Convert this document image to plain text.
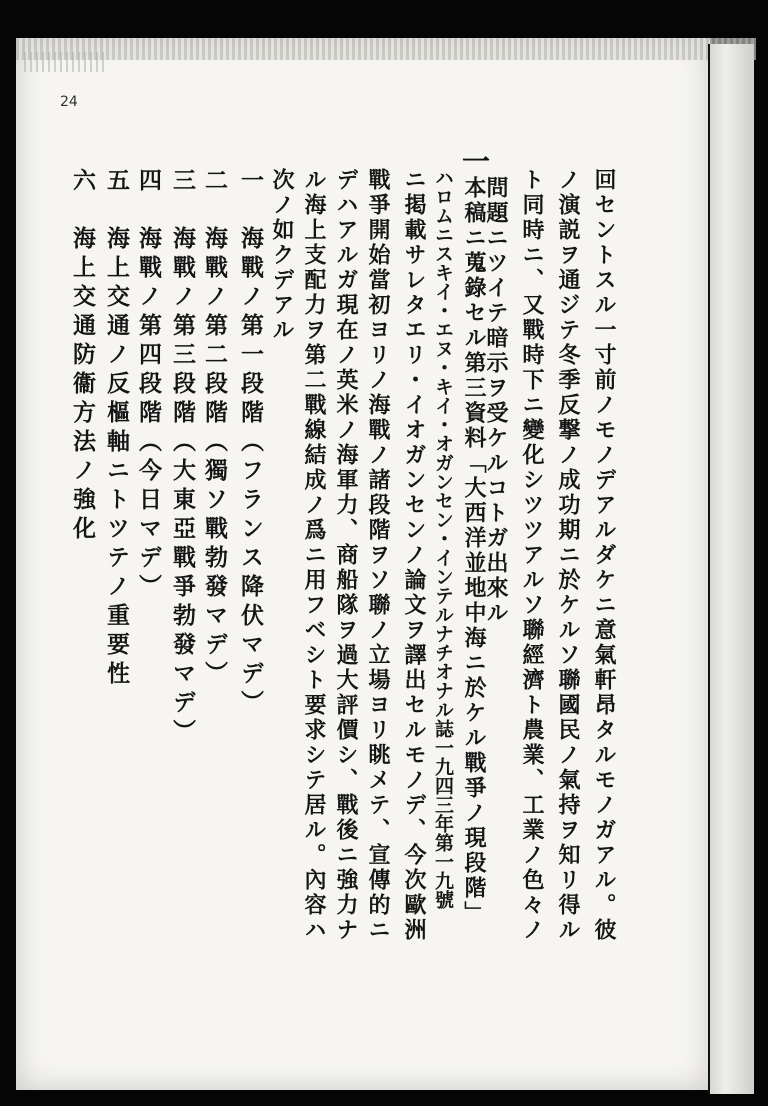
24
一
回セントスル一寸前ノモノデアルダケニ意氣軒昂タルモノガアル。彼
ノ演説ヲ通ジテ冬季反撃ノ成功期ニ於ケルソ聯國民ノ氣持ヲ知リ得ル
ト同時ニ、又戰時下ニ變化シツツアルソ聯經濟ト農業、工業ノ色々ノ
問題ニツイテ暗示ヲ受ケルコトガ出來ル
本稿ニ蒐錄セル第三資料「大西洋並地中海ニ於ケル戰爭ノ現段階」
ハロムニスキイ・エヌ・キイ・オガンセン・インテルナチオナル誌一九四三年第一九號
ニ掲載サレタエリ・イオガンセンノ論文ヲ譯出セルモノデ、今次歐洲
戰爭開始當初ヨリノ海戰ノ諸段階ヲソ聯ノ立場ヨリ眺メテ、宣傳的ニ
デハアルガ現在ノ英米ノ海軍力、商船隊ヲ過大評價シ、戰後ニ強力ナ
ル海上支配力ヲ第二戰線結成ノ爲ニ用フベシト要求シテ居ル。內容ハ
次ノ如クデアル
一　海戰ノ第一段階（フランス降伏マデ）
二　海戰ノ第二段階（獨ソ戰勃發マデ）
三　海戰ノ第三段階（大東亞戰爭勃發マデ）
四　海戰ノ第四段階（今日マデ）
五　海上交通ノ反樞軸ニトツテノ重要性
六　海上交通防衞方法ノ強化
